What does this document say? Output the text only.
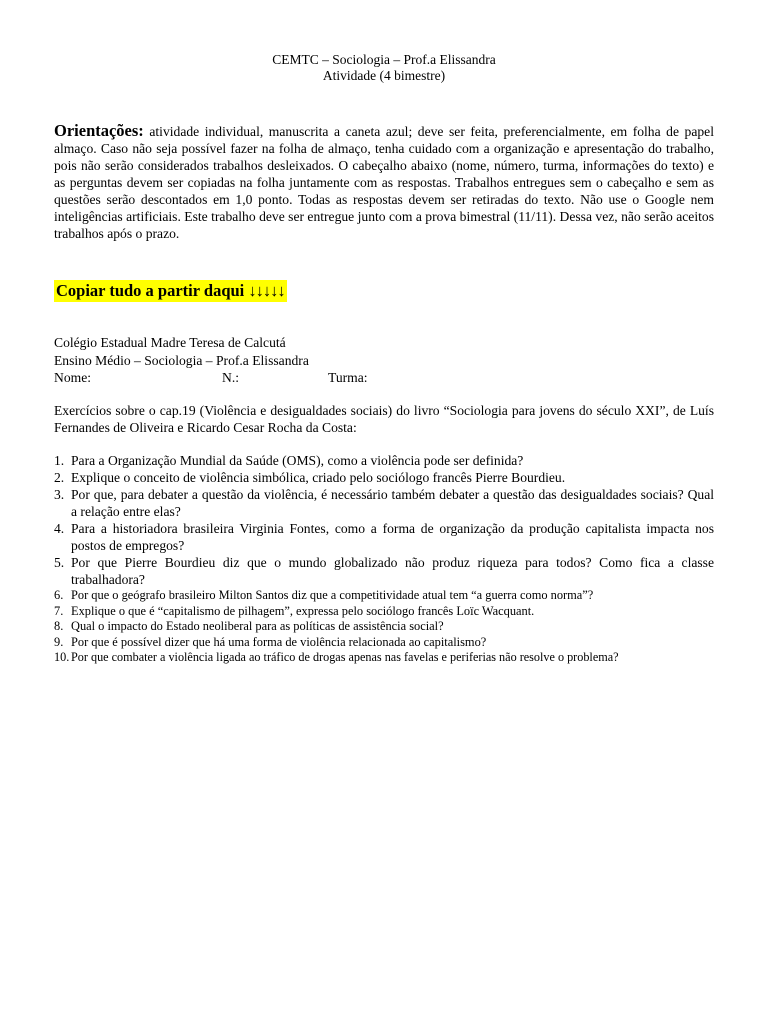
CEMTC – Sociologia – Prof.a Elissandra
Atividade (4 bimestre)
Orientações: atividade individual, manuscrita a caneta azul; deve ser feita, preferencialmente, em folha de papel almaço. Caso não seja possível fazer na folha de almaço, tenha cuidado com a organização e apresentação do trabalho, pois não serão considerados trabalhos desleixados. O cabeçalho abaixo (nome, número, turma, informações do texto) e as perguntas devem ser copiadas na folha juntamente com as respostas. Trabalhos entregues sem o cabeçalho e sem as questões serão descontados em 1,0 ponto. Todas as respostas devem ser retiradas do texto. Não use o Google nem inteligências artificiais. Este trabalho deve ser entregue junto com a prova bimestral (11/11). Dessa vez, não serão aceitos trabalhos após o prazo.
Copiar tudo a partir daqui ↓↓↓↓↓
Colégio Estadual Madre Teresa de Calcutá
Ensino Médio – Sociologia – Prof.a Elissandra
Nome:	N.:	Turma:
Exercícios sobre o cap.19 (Violência e desigualdades sociais) do livro “Sociologia para jovens do século XXI”, de Luís Fernandes de Oliveira e Ricardo Cesar Rocha da Costa:
1. Para a Organização Mundial da Saúde (OMS), como a violência pode ser definida?
2. Explique o conceito de violência simbólica, criado pelo sociólogo francês Pierre Bourdieu.
3. Por que, para debater a questão da violência, é necessário também debater a questão das desigualdades sociais? Qual a relação entre elas?
4. Para a historiadora brasileira Virginia Fontes, como a forma de organização da produção capitalista impacta nos postos de empregos?
5. Por que Pierre Bourdieu diz que o mundo globalizado não produz riqueza para todos? Como fica a classe trabalhadora?
6. Por que o geógrafo brasileiro Milton Santos diz que a competitividade atual tem “a guerra como norma”?
7. Explique o que é “capitalismo de pilhagem”, expressa pelo sociólogo francês Loïc Wacquant.
8. Qual o impacto do Estado neoliberal para as políticas de assistência social?
9. Por que é possível dizer que há uma forma de violência relacionada ao capitalismo?
10. Por que combater a violência ligada ao tráfico de drogas apenas nas favelas e periferias não resolve o problema?
